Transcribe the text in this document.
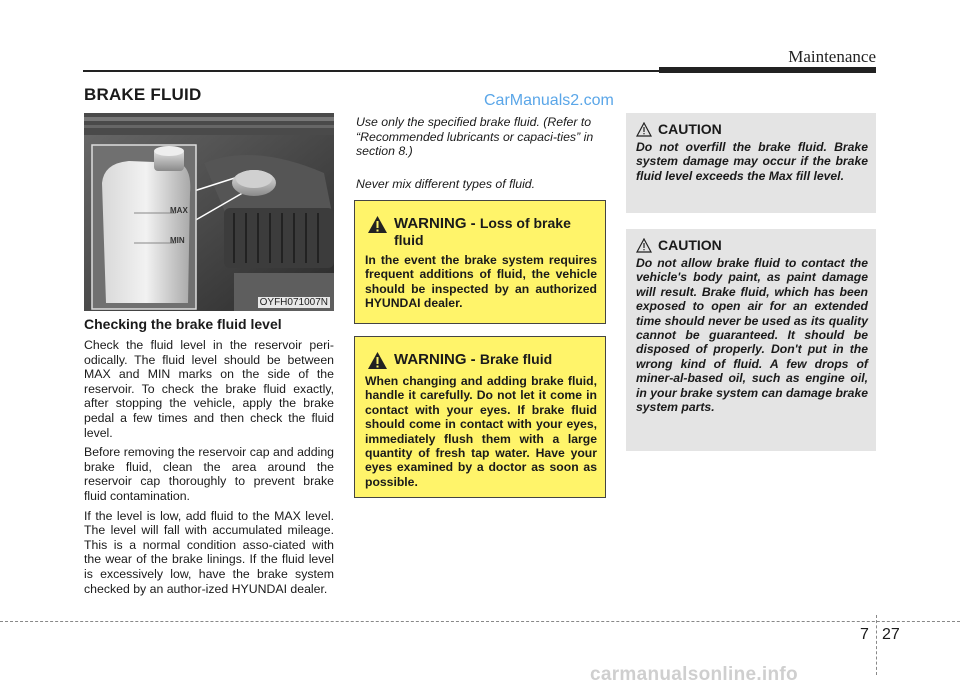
Maintenance
BRAKE FLUID	CarManuals2.com
MAX
MIN
OYFH071007N
Checking the brake fluid level

Check the fluid level in the reservoir peri-odically. The fluid level should be between MAX and MIN marks on the side of the reservoir. To check the brake fluid exactly, after stopping the vehicle, apply the brake pedal a few times and then check the fluid level.

Before removing the reservoir cap and adding brake fluid, clean the area around the reservoir cap thoroughly to prevent brake fluid contamination.

If the level is low, add fluid to the MAX level. The level will fall with accumulated mileage. This is a normal condition asso-ciated with the wear of the brake linings. If the fluid level is excessively low, have the brake system checked by an author-ized HYUNDAI dealer.

Use only the specified brake fluid. (Refer to “Recommended lubricants or capaci-ties” in section 8.)

Never mix different types of fluid.

WARNING - Loss of brake fluid
In the event the brake system requires frequent additions of fluid, the vehicle should be inspected by an authorized HYUNDAI dealer.
WARNING - Brake fluid
When changing and adding brake fluid, handle it carefully. Do not let it come in contact with your eyes. If brake fluid should come in contact with your eyes, immediately flush them with a large quantity of fresh tap water. Have your eyes examined by a doctor as soon as possible.
CAUTION
Do not overfill the brake fluid. Brake system damage may occur if the brake fluid level exceeds the Max fill level.
CAUTION
Do not allow brake fluid to contact the vehicle's body paint, as paint damage will result. Brake fluid, which has been exposed to open air for an extended time should never be used as its quality cannot be guaranteed. It should be disposed of properly. Don't put in the wrong kind of fluid. A few drops of miner-al-based oil, such as engine oil, in your brake system can damage brake system parts.
7 27
carmanualsonline.info
